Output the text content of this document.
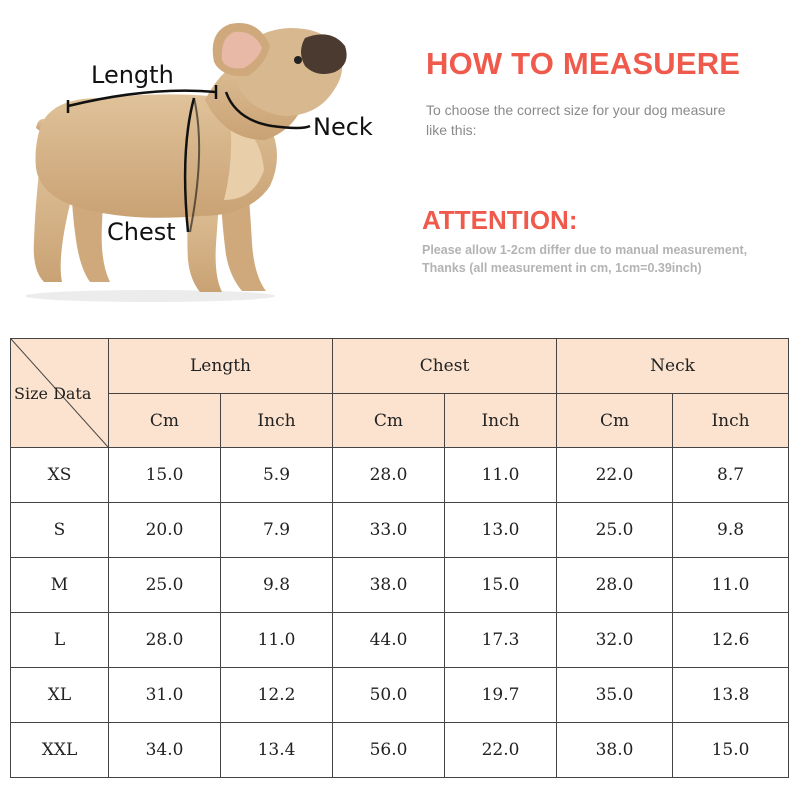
Length
Neck
Chest
HOW TO MEASUERE

To choose the correct size for your dog measure like this:

ATTENTION:

Please allow 1-2cm differ due to manual measurement, Thanks (all measurement in cm, 1cm=0.39inch)

Size Data	Length		Chest		Neck	
	Cm	Inch	Cm	Inch	Cm	Inch
XS	15.0	5.9	28.0	11.0	22.0	8.7
S	20.0	7.9	33.0	13.0	25.0	9.8
M	25.0	9.8	38.0	15.0	28.0	11.0
L	28.0	11.0	44.0	17.3	32.0	12.6
XL	31.0	12.2	50.0	19.7	35.0	13.8
XXL	34.0	13.4	56.0	22.0	38.0	15.0
